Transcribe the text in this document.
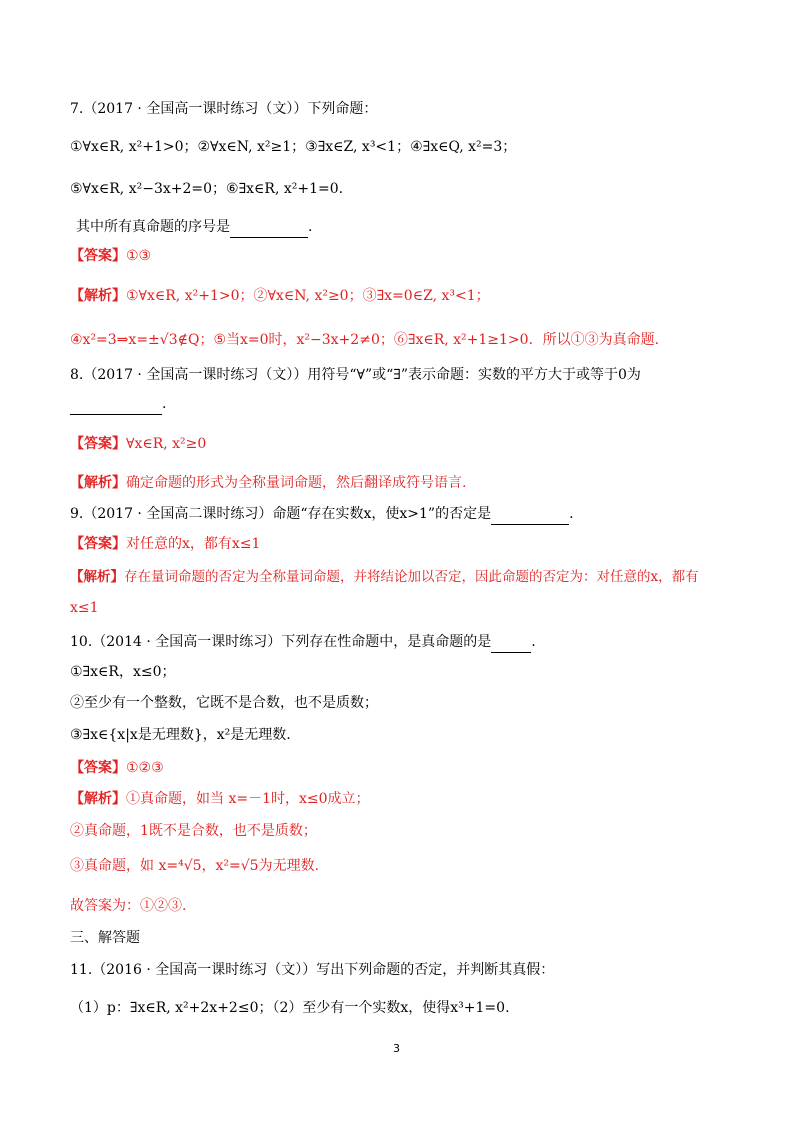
7.（2017 · 全国高一课时练习（文））下列命题：
①∀x∈R, x²+1>0；②∀x∈N, x²≥1；③∃x∈Z, x³<1；④∃x∈Q, x²=3；
⑤∀x∈R, x²−3x+2=0；⑥∃x∈R, x²+1=0.
其中所有真命题的序号是	.
【答案】①③
【解析】①∀x∈R, x²+1>0；②∀x∈N, x²≥0；③∃x=0∈Z, x³<1；
④x²=3⇒x=±√3∉Q；⑤当x=0时，x²−3x+2≠0；⑥∃x∈R, x²+1≥1>0．所以①③为真命题.
8.（2017 · 全国高一课时练习（文））用符号“∀”或“∃”表示命题：实数的平方大于或等于0为
.
【答案】∀x∈R, x²≥0
【解析】确定命题的形式为全称量词命题，然后翻译成符号语言.
9.（2017 · 全国高二课时练习）命题“存在实数x，使x>1”的否定是	.
【答案】对任意的x，都有x≤1
【解析】存在量词命题的否定为全称量词命题，并将结论加以否定，因此命题的否定为：对任意的x，都有
x≤1
10.（2014 · 全国高一课时练习）下列存在性命题中，是真命题的是	.
①∃x∈R，x≤0；
②至少有一个整数，它既不是合数，也不是质数；
③∃x∈{x|x是无理数}，x²是无理数.
【答案】①②③
【解析】①真命题，如当 x=－1时，x≤0成立；
②真命题，1既不是合数，也不是质数；
③真命题，如 x=⁴√5，x²=√5为无理数.
故答案为：①②③.
三、解答题
11.（2016 · 全国高一课时练习（文））写出下列命题的否定，并判断其真假：
（1）p：∃x∈R, x²+2x+2≤0；（2）至少有一个实数x，使得x³+1=0.
3
